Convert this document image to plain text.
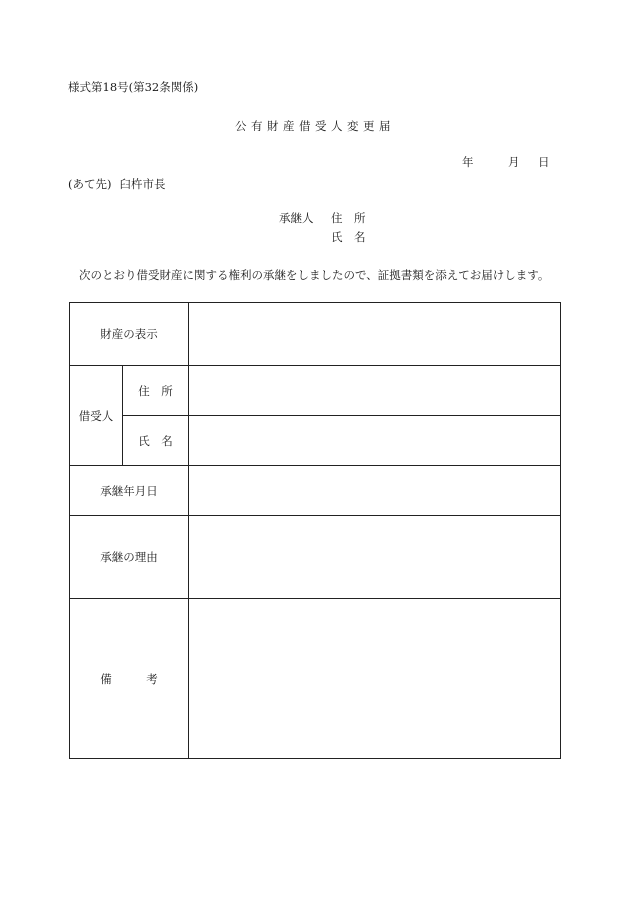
様式第18号(第32条関係)
公有財産借受人変更届
年	月 日
(あて先) 臼杵市長
承継人 住　所
氏　名
次のとおり借受財産に関する権利の承継をしましたので、証拠書類を添えてお届けします。
財産の表示		
借受人	住　所	
	氏　名	
承継年月日		
承継の理由		
備　　　考		
